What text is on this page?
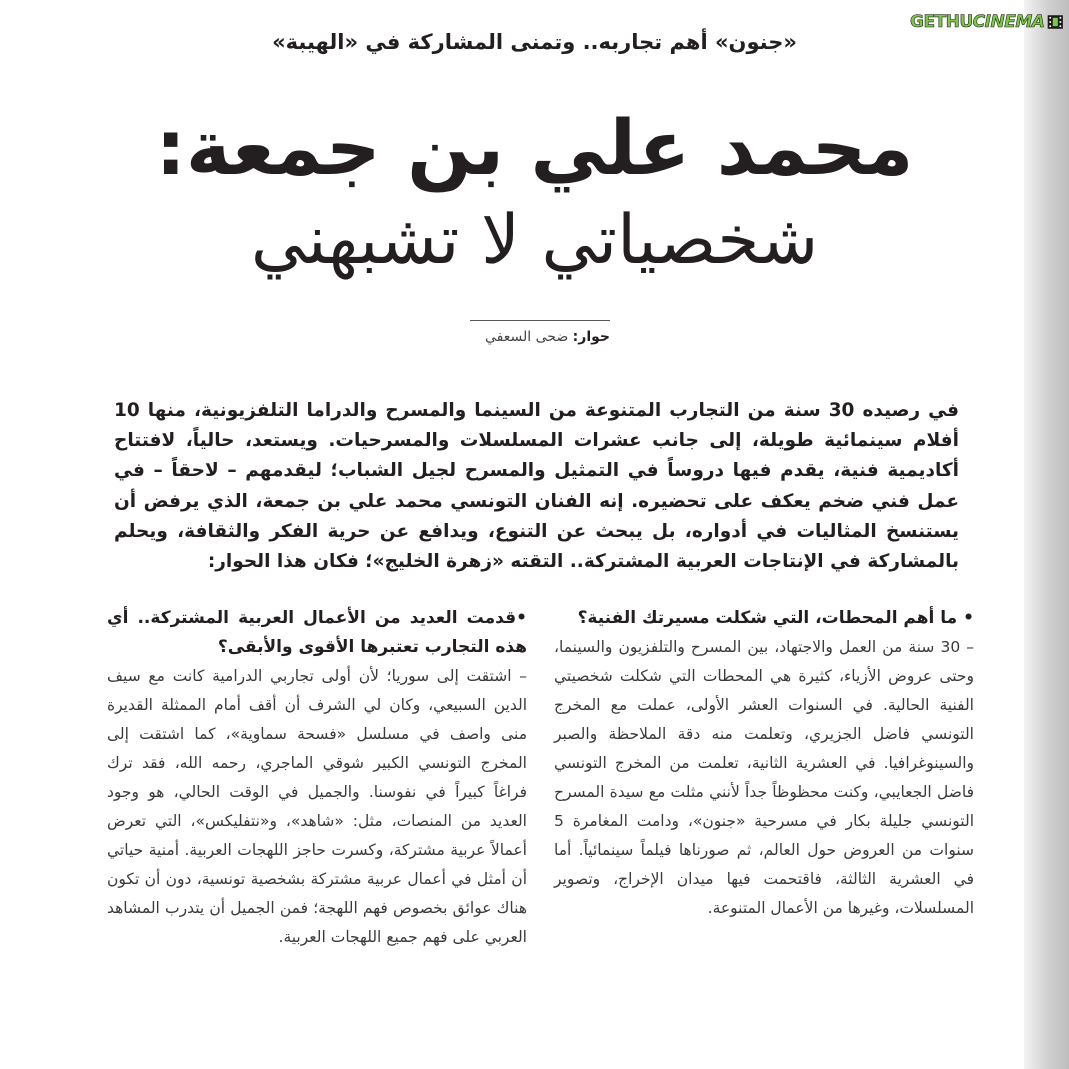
GETHU CINEMA
«جنون» أهم تجاربه.. وتمنى المشاركة في «الهيبة»
محمد علي بن جمعة:
شخصياتي لا تشبهني
حوار: ضحى السعفي
في رصيده 30 سنة من التجارب المتنوعة من السينما والمسرح والدراما التلفزيونية، منها 10 أفلام سينمائية طويلة، إلى جانب عشرات المسلسلات والمسرحيات. ويستعد، حالياً، لافتتاح أكاديمية فنية، يقدم فيها دروساً في التمثيل والمسرح لجيل الشباب؛ ليقدمهم – لاحقاً – في عمل فني ضخم يعكف على تحضيره. إنه الفنان التونسي محمد علي بن جمعة، الذي يرفض أن يستنسخ المثاليات في أدواره، بل يبحث عن التنوع، ويدافع عن حرية الفكر والثقافة، ويحلم بالمشاركة في الإنتاجات العربية المشتركة.. التقته «زهرة الخليج»؛ فكان هذا الحوار:
• ما أهم المحطات، التي شكلت مسيرتك الفنية؟
– 30 سنة من العمل والاجتهاد، بين المسرح والتلفزيون والسينما، وحتى عروض الأزياء، كثيرة هي المحطات التي شكلت شخصيتي الفنية الحالية. في السنوات العشر الأولى، عملت مع المخرج التونسي فاضل الجزيري، وتعلمت منه دقة الملاحظة والصبر والسينوغرافيا. في العشرية الثانية، تعلمت من المخرج التونسي فاضل الجعايبي، وكنت محظوظاً جداً لأنني مثلت مع سيدة المسرح التونسي جليلة بكار في مسرحية «جنون»، ودامت المغامرة 5 سنوات من العروض حول العالم، ثم صورناها فيلماً سينمائياً. أما في العشرية الثالثة، فاقتحمت فيها ميدان الإخراج، وتصوير المسلسلات، وغيرها من الأعمال المتنوعة.
•قدمت العديد من الأعمال العربية المشتركة.. أي هذه التجارب تعتبرها الأقوى والأبقى؟
– اشتقت إلى سوريا؛ لأن أولى تجاربي الدرامية كانت مع سيف الدين السبيعي، وكان لي الشرف أن أقف أمام الممثلة القديرة منى واصف في مسلسل «فسحة سماوية»، كما اشتقت إلى المخرج التونسي الكبير شوقي الماجري، رحمه الله، فقد ترك فراغاً كبيراً في نفوسنا. والجميل في الوقت الحالي، هو وجود العديد من المنصات، مثل: «شاهد»، و«نتفليكس»، التي تعرض أعمالاً عربية مشتركة، وكسرت حاجز اللهجات العربية. أمنية حياتي أن أمثل في أعمال عربية مشتركة بشخصية تونسية، دون أن تكون هناك عوائق بخصوص فهم اللهجة؛ فمن الجميل أن يتدرب المشاهد العربي على فهم جميع اللهجات العربية.
